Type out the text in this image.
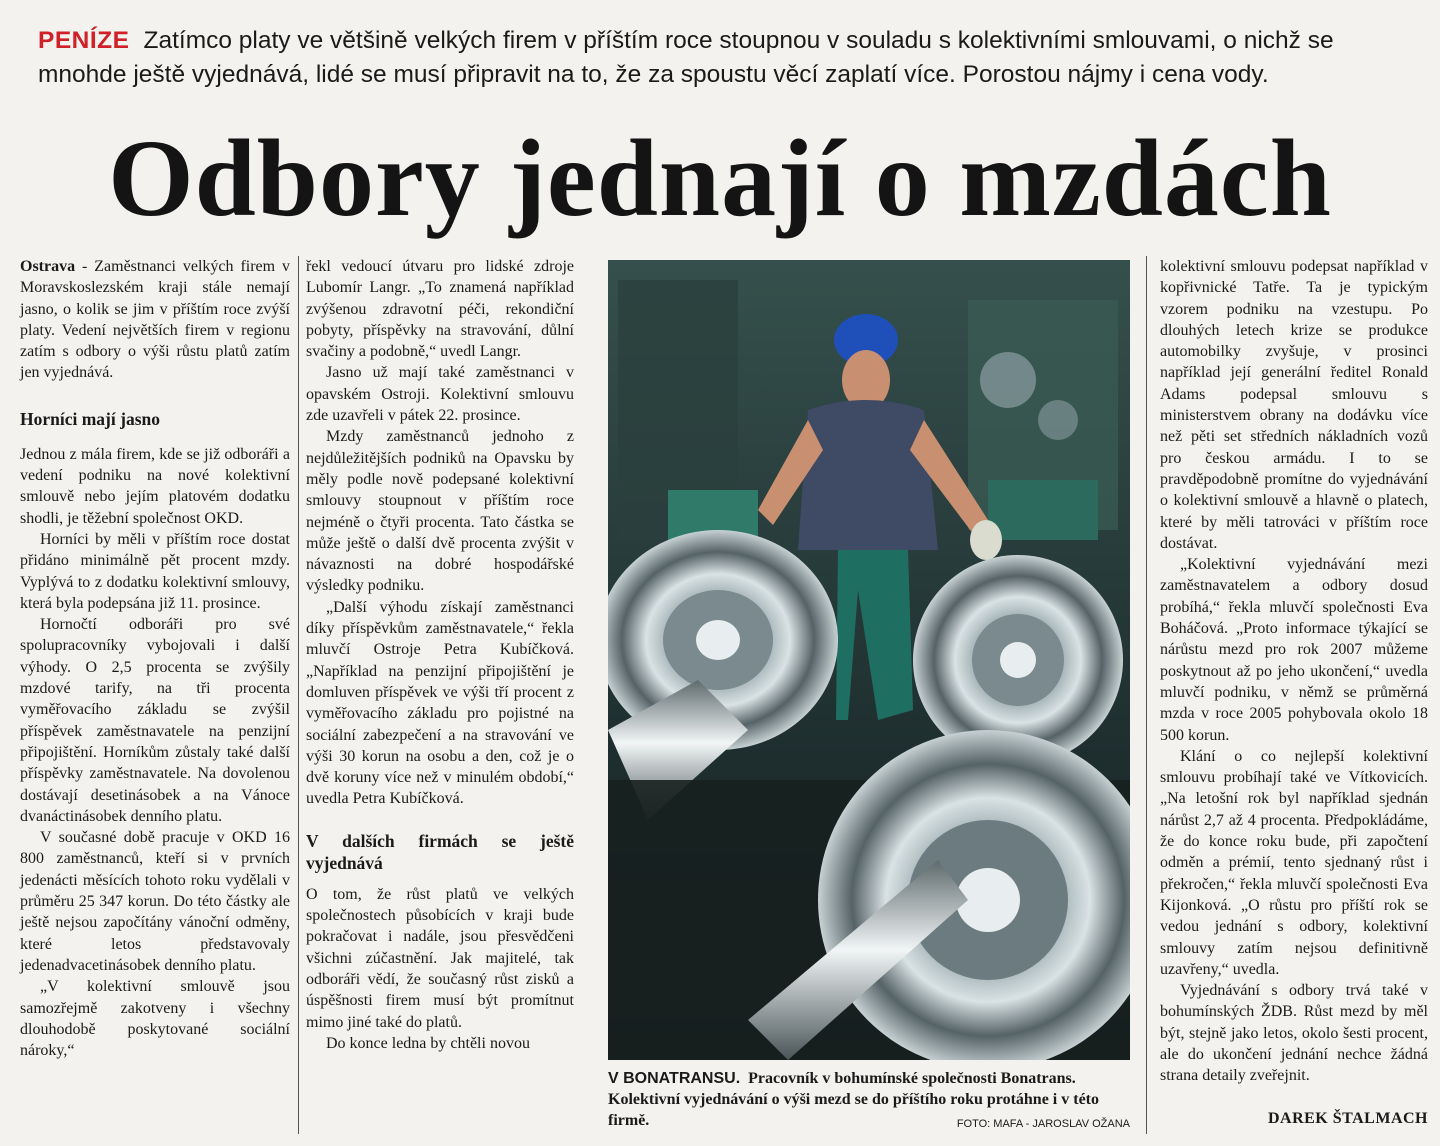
PENÍZE Zatímco platy ve většině velkých firem v příštím roce stoupnou v souladu s kolektivními smlouvami, o nichž se mnohde ještě vyjednává, lidé se musí připravit na to, že za spoustu věcí zaplatí více. Porostou nájmy i cena vody.
Odbory jednají o mzdách

Ostrava - Zaměstnanci velkých firem v Moravskoslezském kraji stále nemají jasno, o kolik se jim v příštím roce zvýší platy. Vedení největších firem v regionu zatím s odbory o výši růstu platů zatím jen vyjednává.

Horníci mají jasno

Jednou z mála firem, kde se již odboráři a vedení podniku na nové kolektivní smlouvě nebo jejím platovém dodatku shodli, je těžební společnost OKD.

Horníci by měli v příštím roce dostat přidáno minimálně pět procent mzdy. Vyplývá to z dodatku kolektivní smlouvy, která byla podepsána již 11. prosince.

Hornočtí odboráři pro své spolupracovníky vybojovali i další výhody. O 2,5 procenta se zvýšily mzdové tarify, na tři procenta vyměřovacího základu se zvýšil příspěvek zaměstnavatele na penzijní připojištění. Horníkům zůstaly také další příspěvky zaměstnavatele. Na dovolenou dostávají desetinásobek a na Vánoce dvanáctinásobek denního platu.

V současné době pracuje v OKD 16 800 zaměstnanců, kteří si v prvních jedenácti měsících tohoto roku vydělali v průměru 25 347 korun. Do této částky ale ještě nejsou započítány vánoční odměny, které letos představovaly jedenadvacetinásobek denního platu.

„V kolektivní smlouvě jsou samozřejmě zakotveny i všechny dlouhodobě poskytované sociální nároky,“

řekl vedoucí útvaru pro lidské zdroje Lubomír Langr. „To znamená například zvýšenou zdravotní péči, rekondiční pobyty, příspěvky na stravování, důlní svačiny a podobně,“ uvedl Langr.

Jasno už mají také zaměstnanci v opavském Ostroji. Kolektivní smlouvu zde uzavřeli v pátek 22. prosince.

Mzdy zaměstnanců jednoho z nejdůležitějších podniků na Opavsku by měly podle nově podepsané kolektivní smlouvy stoupnout v příštím roce nejméně o čtyři procenta. Tato částka se může ještě o další dvě procenta zvýšit v návaznosti na dobré hospodářské výsledky podniku.

„Další výhodu získají zaměstnanci díky příspěvkům zaměstnavatele,“ řekla mluvčí Ostroje Petra Kubíčková. „Například na penzijní připojištění je domluven příspěvek ve výši tří procent z vyměřovacího základu pro pojistné na sociální zabezpečení a na stravování ve výši 30 korun na osobu a den, což je o dvě koruny více než v minulém období,“ uvedla Petra Kubíčková.

V dalších firmách se ještě vyjednává

O tom, že růst platů ve velkých společnostech působících v kraji bude pokračovat i nadále, jsou přesvědčeni všichni zúčastnění. Jak majitelé, tak odboráři vědí, že současný růst zisků a úspěšnosti firem musí být promítnut mimo jiné také do platů.

Do konce ledna by chtěli novou

V BONATRANSU. Pracovník v bohumínské společnosti Bonatrans. Kolektivní vyjednávání o výši mezd se do příštího roku protáhne i v této firmě.	FOTO: MAFA - JAROSLAV OŽANA

kolektivní smlouvu podepsat například v kopřivnické Tatře. Ta je typickým vzorem podniku na vzestupu. Po dlouhých letech krize se produkce automobilky zvyšuje, v prosinci například její generální ředitel Ronald Adams podepsal smlouvu s ministerstvem obrany na dodávku více než pěti set středních nákladních vozů pro českou armádu. I to se pravděpodobně promítne do vyjednávání o kolektivní smlouvě a hlavně o platech, které by měli tatrováci v příštím roce dostávat.

„Kolektivní vyjednávání mezi zaměstnavatelem a odbory dosud probíhá,“ řekla mluvčí společnosti Eva Boháčová. „Proto informace týkající se nárůstu mezd pro rok 2007 můžeme poskytnout až po jeho ukončení,“ uvedla mluvčí podniku, v němž se průměrná mzda v roce 2005 pohybovala okolo 18 500 korun.

Klání o co nejlepší kolektivní smlouvu probíhají také ve Vítkovicích. „Na letošní rok byl například sjednán nárůst 2,7 až 4 procenta. Předpokládáme, že do konce roku bude, při započtení odměn a prémií, tento sjednaný růst i překročen,“ řekla mluvčí společnosti Eva Kijonková. „O růstu pro příští rok se vedou jednání s odbory, kolektivní smlouvy zatím nejsou definitivně uzavřeny,“ uvedla.

Vyjednávání s odbory trvá také v bohumínských ŽDB. Růst mezd by měl být, stejně jako letos, okolo šesti procent, ale do ukončení jednání nechce žádná strana detaily zveřejnit.

DAREK ŠTALMACH
